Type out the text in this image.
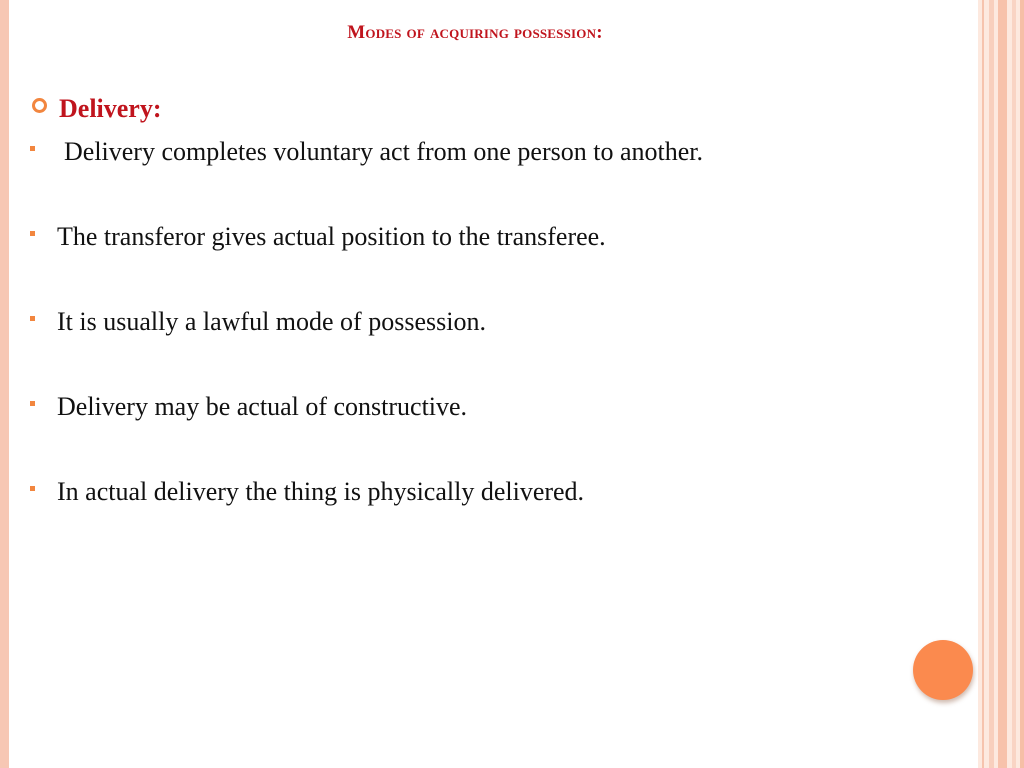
Modes of acquiring possession:
Delivery:
Delivery completes voluntary act from one person to another.
The transferor gives actual position to the transferee.
It is usually a lawful mode of possession.
Delivery may be actual of constructive.
In actual delivery the thing is physically delivered.
